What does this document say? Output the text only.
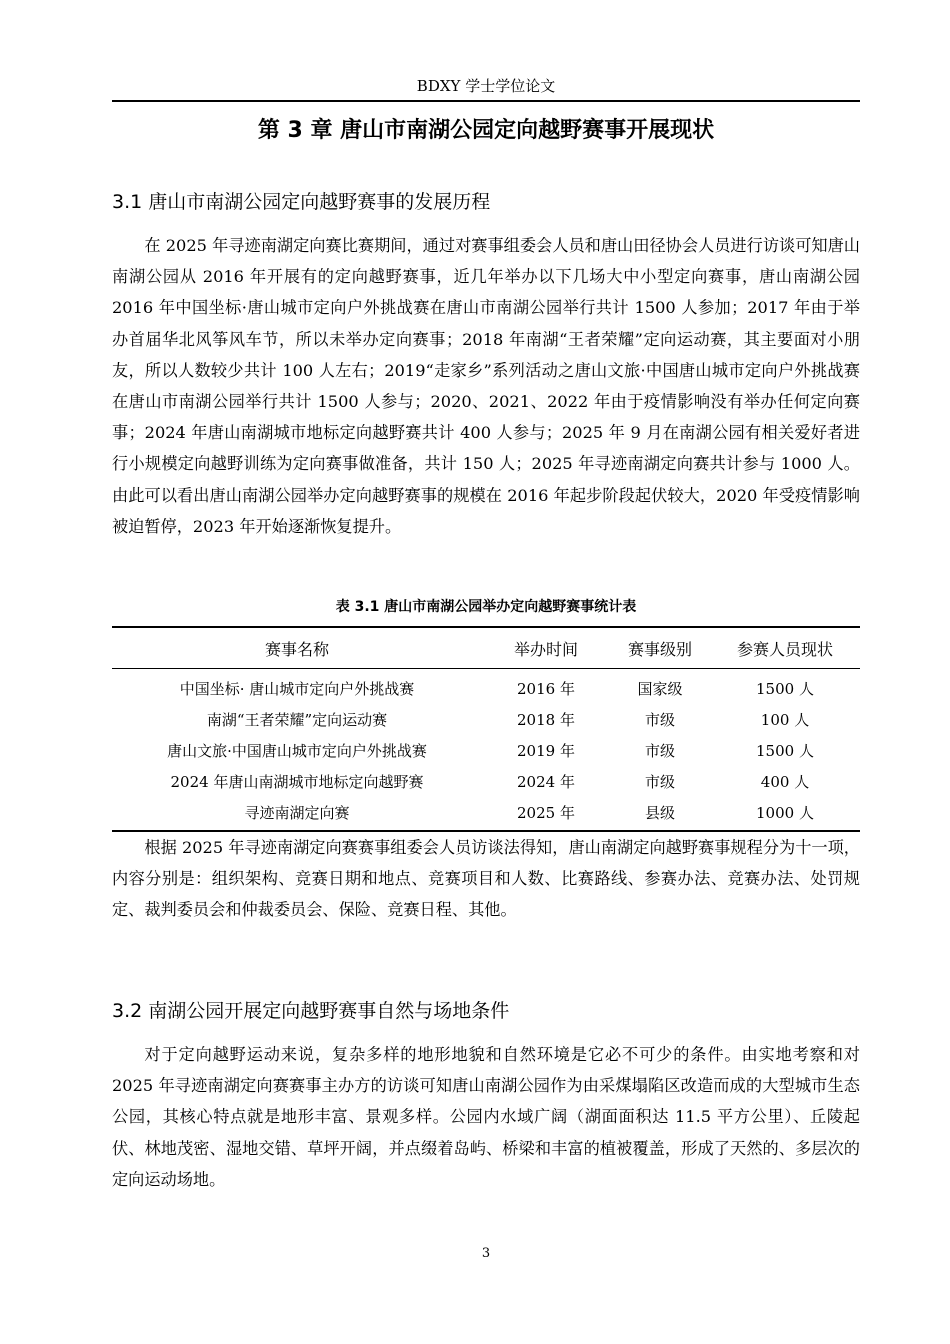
BDXY 学士学位论文
第 3 章 唐山市南湖公园定向越野赛事开展现状
3.1 唐山市南湖公园定向越野赛事的发展历程

在 2025 年寻迹南湖定向赛比赛期间，通过对赛事组委会人员和唐山田径协会人员进行访谈可知唐山南湖公园从 2016 年开展有的定向越野赛事，近几年举办以下几场大中小型定向赛事，唐山南湖公园 2016 年中国坐标·唐山城市定向户外挑战赛在唐山市南湖公园举行共计 1500 人参加；2017 年由于举办首届华北风筝风车节，所以未举办定向赛事；2018 年南湖“王者荣耀”定向运动赛，其主要面对小朋友，所以人数较少共计 100 人左右；2019“走家乡”系列活动之唐山文旅·中国唐山城市定向户外挑战赛在唐山市南湖公园举行共计 1500 人参与；2020、2021、2022 年由于疫情影响没有举办任何定向赛事；2024 年唐山南湖城市地标定向越野赛共计 400 人参与；2025 年 9 月在南湖公园有相关爱好者进行小规模定向越野训练为定向赛事做准备，共计 150 人；2025 年寻迹南湖定向赛共计参与 1000 人。由此可以看出唐山南湖公园举办定向越野赛事的规模在 2016 年起步阶段起伏较大，2020 年受疫情影响被迫暂停，2023 年开始逐渐恢复提升。

表 3.1 唐山市南湖公园举办定向越野赛事统计表
赛事名称	举办时间	赛事级别	参赛人员现状
中国坐标· 唐山城市定向户外挑战赛	2016 年	国家级	1500 人
南湖“王者荣耀”定向运动赛	2018 年	市级	100 人
唐山文旅·中国唐山城市定向户外挑战赛	2019 年	市级	1500 人
2024 年唐山南湖城市地标定向越野赛	2024 年	市级	400 人
寻迹南湖定向赛	2025 年	县级	1000 人

根据 2025 年寻迹南湖定向赛赛事组委会人员访谈法得知，唐山南湖定向越野赛事规程分为十一项，内容分别是：组织架构、竞赛日期和地点、竞赛项目和人数、比赛路线、参赛办法、竞赛办法、处罚规定、裁判委员会和仲裁委员会、保险、竞赛日程、其他。

3.2 南湖公园开展定向越野赛事自然与场地条件

对于定向越野运动来说，复杂多样的地形地貌和自然环境是它必不可少的条件。由实地考察和对 2025 年寻迹南湖定向赛赛事主办方的访谈可知唐山南湖公园作为由采煤塌陷区改造而成的大型城市生态公园，其核心特点就是地形丰富、景观多样。公园内水域广阔（湖面面积达 11.5 平方公里）、丘陵起伏、林地茂密、湿地交错、草坪开阔，并点缀着岛屿、桥梁和丰富的植被覆盖，形成了天然的、多层次的定向运动场地。

3
